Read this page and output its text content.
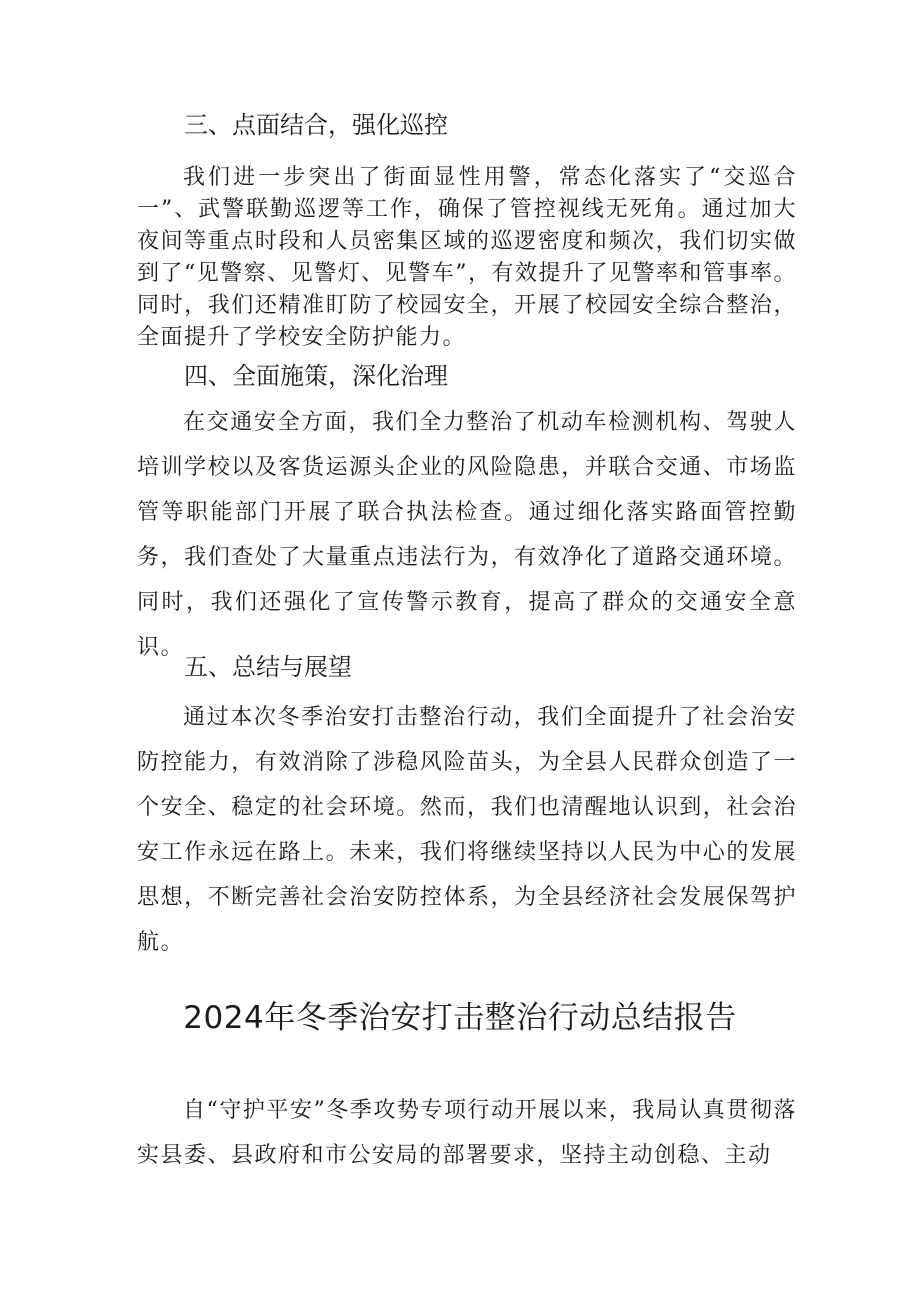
三、点面结合，强化巡控

我们进一步突出了街面显性用警，常态化落实了“交巡合一”、武警联勤巡逻等工作，确保了管控视线无死角。通过加大夜间等重点时段和人员密集区域的巡逻密度和频次，我们切实做到了“见警察、见警灯、见警车”，有效提升了见警率和管事率。同时，我们还精准盯防了校园安全，开展了校园安全综合整治，全面提升了学校安全防护能力。

四、全面施策，深化治理

在交通安全方面，我们全力整治了机动车检测机构、驾驶人培训学校以及客货运源头企业的风险隐患，并联合交通、市场监管等职能部门开展了联合执法检查。通过细化落实路面管控勤务，我们查处了大量重点违法行为，有效净化了道路交通环境。同时，我们还强化了宣传警示教育，提高了群众的交通安全意识。

五、总结与展望

通过本次冬季治安打击整治行动，我们全面提升了社会治安防控能力，有效消除了涉稳风险苗头，为全县人民群众创造了一个安全、稳定的社会环境。然而，我们也清醒地认识到，社会治安工作永远在路上。未来，我们将继续坚持以人民为中心的发展思想，不断完善社会治安防控体系，为全县经济社会发展保驾护航。

2024年冬季治安打击整治行动总结报告

自“守护平安”冬季攻势专项行动开展以来，我局认真贯彻落实县委、县政府和市公安局的部署要求，坚持主动创稳、主动
